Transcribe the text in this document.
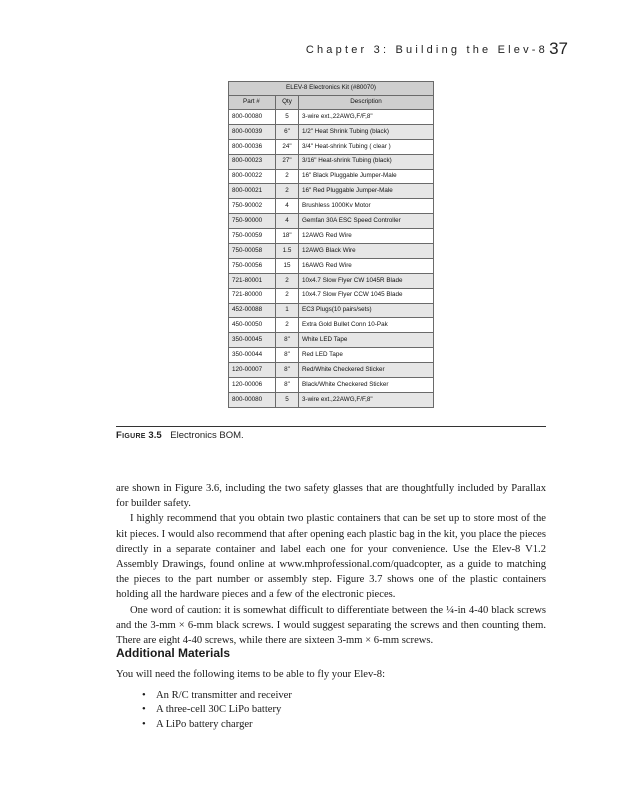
Chapter 3: Building the Elev-8 37
ELEV-8 Electronics Kit (#80070)		
Part #	Qty	Description
800-00080	5	3-wire ext.,22AWG,F/F,8"
800-00039	6"	1/2" Heat Shrink Tubing (black)
800-00036	24"	3/4" Heat-shrink Tubing ( clear )
800-00023	27"	3/16" Heat-shrink Tubing (black)
800-00022	2	16" Black Pluggable Jumper-Male
800-00021	2	16" Red Pluggable Jumper-Male
750-90002	4	Brushless 1000Kv Motor
750-90000	4	Gemfan 30A ESC Speed Controller
750-00059	18"	12AWG Red Wire
750-00058	1.5	12AWG Black Wire
750-00056	15	16AWG Red Wire
721-80001	2	10x4.7 Slow Flyer CW 1045R Blade
721-80000	2	10x4.7 Slow Flyer CCW 1045 Blade
452-00088	1	EC3 Plugs(10 pairs/sets)
450-00050	2	Extra Gold Bullet Conn 10-Pak
350-00045	8"	White LED Tape
350-00044	8"	Red LED Tape
120-00007	8"	Red/White Checkered Sticker
120-00006	8"	Black/White Checkered Sticker
800-00080	5	3-wire ext.,22AWG,F/F,8"
Figure 3.5 Electronics BOM.

are shown in Figure 3.6, including the two safety glasses that are thoughtfully included by Parallax for builder safety.

I highly recommend that you obtain two plastic containers that can be set up to store most of the kit pieces. I would also recommend that after opening each plastic bag in the kit, you place the pieces directly in a separate container and label each one for your convenience. Use the Elev-8 V1.2 Assembly Drawings, found online at www.mhprofessional.com/quadcopter, as a guide to matching the pieces to the part number or assembly step. Figure 3.7 shows one of the plastic containers holding all the hardware pieces and a few of the electronic pieces.

One word of caution: it is somewhat difficult to differentiate between the ¼-in 4-40 black screws and the 3-mm × 6-mm black screws. I would suggest separating the screws and then counting them. There are eight 4-40 screws, while there are sixteen 3-mm × 6-mm screws.

Additional Materials
You will need the following items to be able to fly your Elev-8:
• An R/C transmitter and receiver
• A three-cell 30C LiPo battery
• A LiPo battery charger
